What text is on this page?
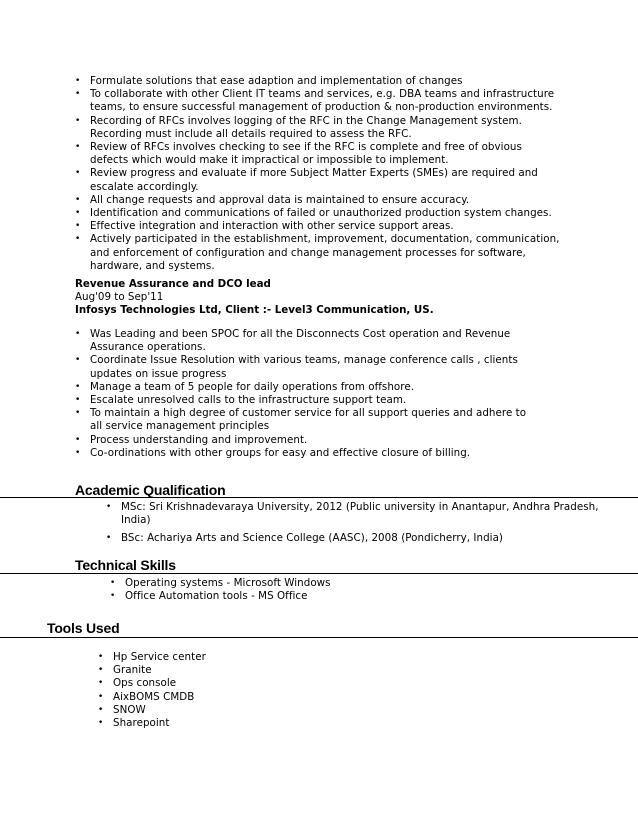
• Formulate solutions that ease adaption and implementation of changes
• To collaborate with other Client IT teams and services, e.g. DBA teams and infrastructure teams, to ensure successful management of production & non-production environments.
• Recording of RFCs involves logging of the RFC in the Change Management system. Recording must include all details required to assess the RFC.
• Review of RFCs involves checking to see if the RFC is complete and free of obvious defects which would make it impractical or impossible to implement.
• Review progress and evaluate if more Subject Matter Experts (SMEs) are required and escalate accordingly.
• All change requests and approval data is maintained to ensure accuracy.
• Identification and communications of failed or unauthorized production system changes.
• Effective integration and interaction with other service support areas.
• Actively participated in the establishment, improvement, documentation, communication, and enforcement of configuration and change management processes for software, hardware, and systems.
Revenue Assurance and DCO lead
Aug'09 to Sep'11
Infosys Technologies Ltd, Client :- Level3 Communication, US.
• Was Leading and been SPOC for all the Disconnects Cost operation and Revenue Assurance operations.
• Coordinate Issue Resolution with various teams, manage conference calls , clients updates on issue progress
• Manage a team of 5 people for daily operations from offshore.
• Escalate unresolved calls to the infrastructure support team.
• To maintain a high degree of customer service for all support queries and adhere to all service management principles
• Process understanding and improvement.
• Co-ordinations with other groups for easy and effective closure of billing.
Academic Qualification
• MSc: Sri Krishnadevaraya University, 2012 (Public university in Anantapur, Andhra Pradesh, India)
• BSc: Achariya Arts and Science College (AASC), 2008 (Pondicherry, India)
Technical Skills
• Operating systems - Microsoft Windows
• Office Automation tools - MS Office
Tools Used
• Hp Service center
• Granite
• Ops console
• AixBOMS CMDB
• SNOW
• Sharepoint
